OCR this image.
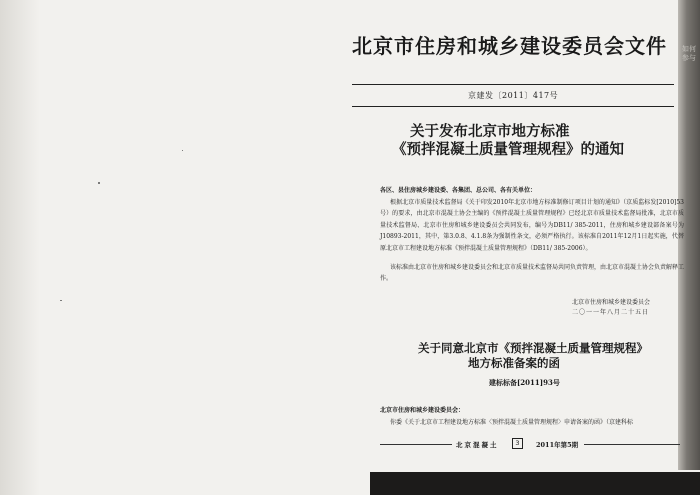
如何参与
北京市住房和城乡建设委员会文件
京建发〔2011〕417号
关于发布北京市地方标准
《预拌混凝土质量管理规程》的通知
各区、县住房城乡建设委、各集团、总公司、各有关单位：
根据北京市质量技术监督局《关于印发2010年北京市地方标准制修订项目计划的通知》（京质监标发[2010]53号）的要求，由北京市混凝土协会主编的《预拌混凝土质量管理规程》已经北京市质量技术监督局批准，北京市质量技术监督局、北京市住房和城乡建设委员会共同发布，编号为DB11/ 385-2011，住房和城乡建设部备案号为J10893-2011，其中，第3.0.8、4.1.8条为强制性条文，必须严格执行。该标准自2011年12月1日起实施，代替原北京市工程建设地方标准《预拌混凝土质量管理规程》（DB11/ 385-2006）。
该标准由北京市住房和城乡建设委员会和北京市质量技术监督局共同负责管理，由北京市混凝土协会负责解释工作。
北京市住房和城乡建设委员会
二〇一一年八月二十五日
关于同意北京市《预拌混凝土质量管理规程》
地方标准备案的函
建标标备[2011]93号
北京市住房和城乡建设委员会：
你委《关于北京市工程建设地方标准〈预拌混凝土质量管理规程〉申请备案的函》（京建科标
北京混凝土	3	2011年第5期
